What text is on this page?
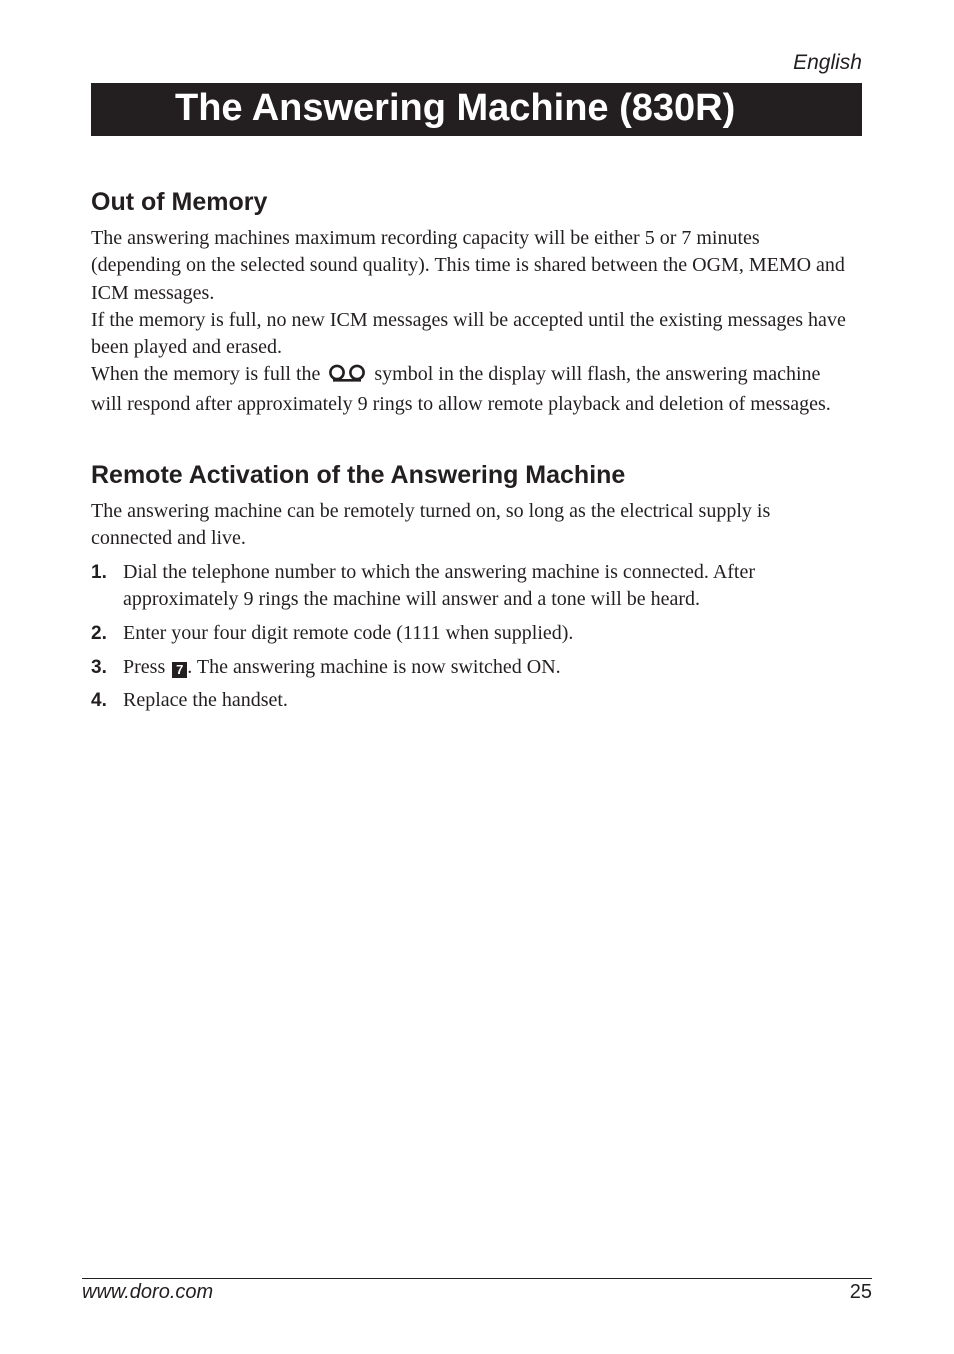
English
The Answering Machine (830R)
Out of Memory

The answering machines maximum recording capacity will be either 5 or 7 minutes (depending on the selected sound quality). This time is shared between the OGM, MEMO and ICM messages.

If the memory is full, no new ICM messages will be accepted until the existing messages have been played and erased.

When the memory is full the	symbol in the display will flash, the answering machine will respond after approximately 9 rings to allow remote playback and deletion of messages.

Remote Activation of the Answering Machine

The answering machine can be remotely turned on, so long as the electrical supply is connected and live.

1. Dial the telephone number to which the answering machine is connected. After approximately 9 rings the machine will answer and a tone will be heard.
2. Enter your four digit remote code (1111 when supplied).
3. Press 7 . The answering machine is now switched ON.
4. Replace the handset.
www.doro.com	25
